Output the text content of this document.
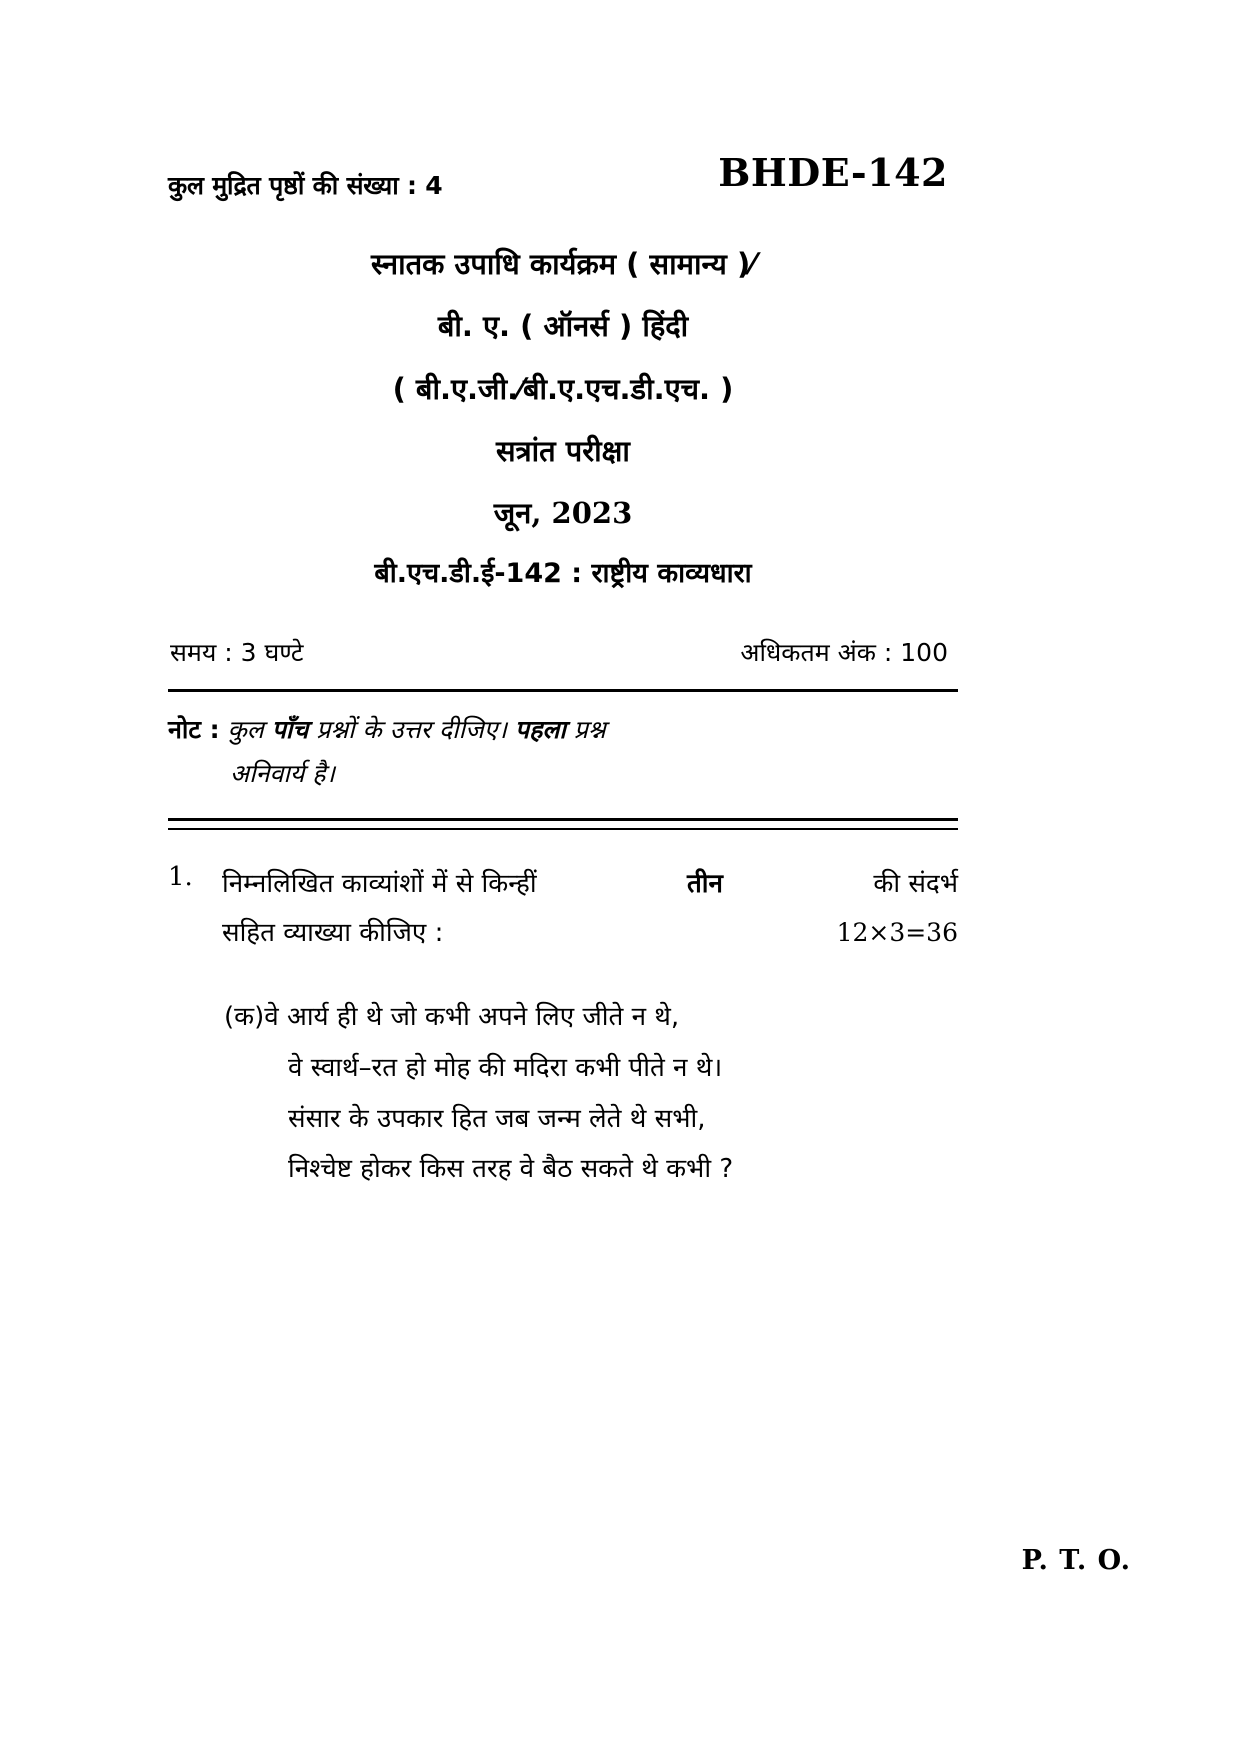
कुल मुद्रित पृष्ठों की संख्या : 4	BHDE-142
स्नातक उपाधि कार्यक्रम ( सामान्य )⁄
बी. ए. ( ऑनर्स ) हिंदी
( बी.ए.जी.⁄बी.ए.एच.डी.एच. )
सत्रांत परीक्षा
जून, 2023
बी.एच.डी.ई-142 : राष्ट्रीय काव्यधारा
समय : 3 घण्टे	अधिकतम अंक : 100
नोट : कुल पाँच प्रश्नों के उत्तर दीजिए। पहला प्रश्न
अनिवार्य है।
1.	निम्नलिखित काव्यांशों में से किन्हीं	तीन	की संदर्भ
सहित व्याख्या कीजिए :	12×3=36
(क) वे आर्य ही थे जो कभी अपने लिए जीते न थे,
वे स्वार्थ–रत हो मोह की मदिरा कभी पीते न थे।
संसार के उपकार हित जब जन्म लेते थे सभी,
निश्चेष्ट होकर किस तरह वे बैठ सकते थे कभी ?
P. T. O.
